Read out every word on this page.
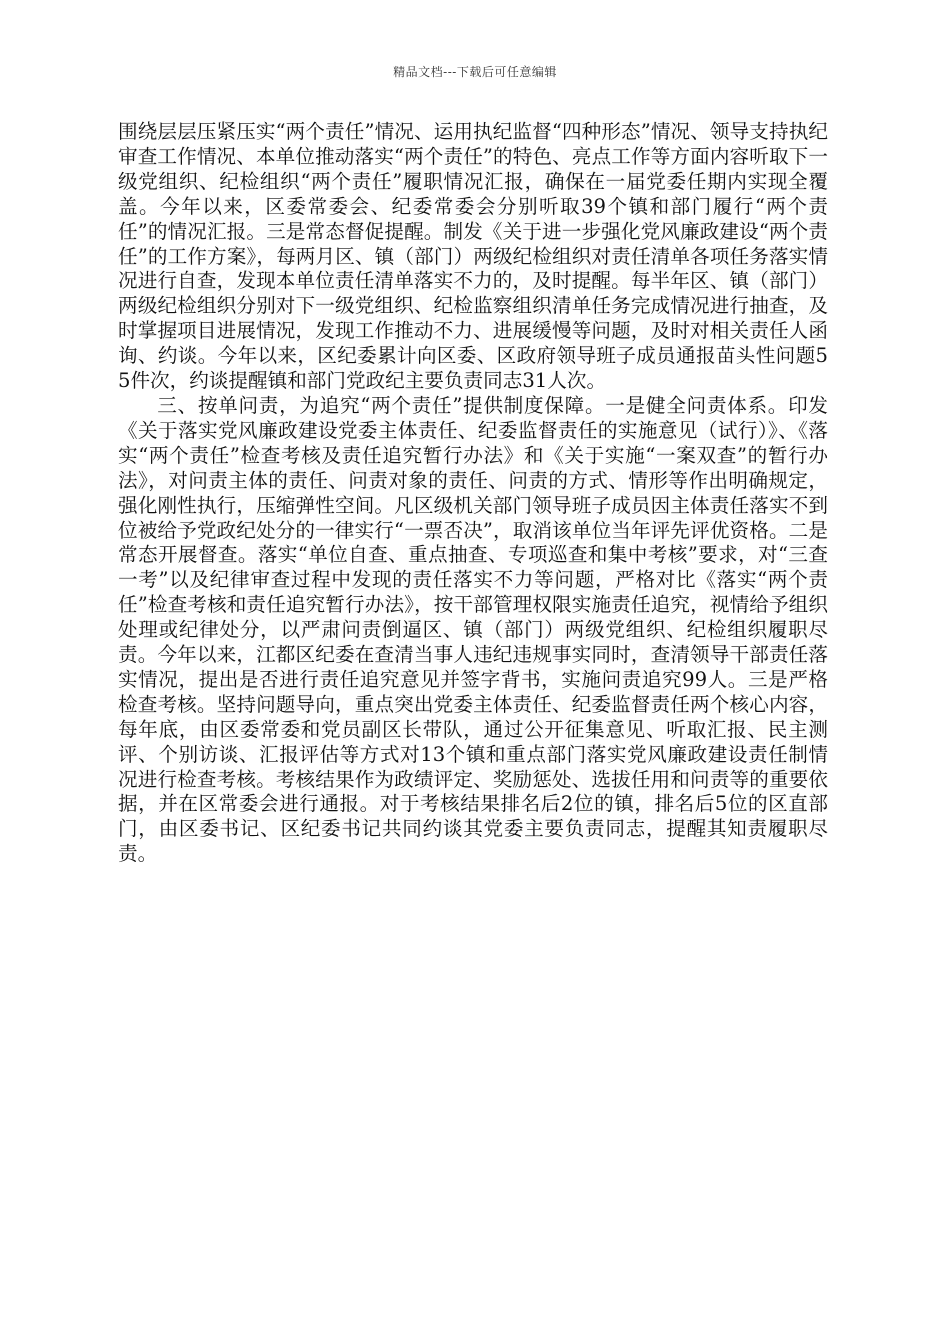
精品文档---下载后可任意编辑

围绕层层压紧压实“两个责任”情况、运用执纪监督“四种形态”情况、领导支持执纪审查工作情况、本单位推动落实“两个责任”的特色、亮点工作等方面内容听取下一级党组织、纪检组织“两个责任”履职情况汇报，确保在一届党委任期内实现全覆盖。今年以来，区委常委会、纪委常委会分别听取39个镇和部门履行“两个责任”的情况汇报。三是常态督促提醒。制发《关于进一步强化党风廉政建设“两个责任”的工作方案》，每两月区、镇（部门）两级纪检组织对责任清单各项任务落实情况进行自查，发现本单位责任清单落实不力的，及时提醒。每半年区、镇（部门）两级纪检组织分别对下一级党组织、纪检监察组织清单任务完成情况进行抽查，及时掌握项目进展情况，发现工作推动不力、进展缓慢等问题，及时对相关责任人函询、约谈。今年以来，区纪委累计向区委、区政府领导班子成员通报苗头性问题55件次，约谈提醒镇和部门党政纪主要负责同志31人次。

三、按单问责，为追究“两个责任”提供制度保障。一是健全问责体系。印发《关于落实党风廉政建设党委主体责任、纪委监督责任的实施意见（试行）》、《落实“两个责任”检查考核及责任追究暂行办法》和《关于实施“一案双查”的暂行办法》，对问责主体的责任、问责对象的责任、问责的方式、情形等作出明确规定，强化刚性执行，压缩弹性空间。凡区级机关部门领导班子成员因主体责任落实不到位被给予党政纪处分的一律实行“一票否决”，取消该单位当年评先评优资格。二是常态开展督查。落实“单位自查、重点抽查、专项巡查和集中考核”要求，对“三查一考”以及纪律审查过程中发现的责任落实不力等问题，严格对比《落实“两个责任”检查考核和责任追究暂行办法》，按干部管理权限实施责任追究，视情给予组织处理或纪律处分，以严肃问责倒逼区、镇（部门）两级党组织、纪检组织履职尽责。今年以来，江都区纪委在查清当事人违纪违规事实同时，查清领导干部责任落实情况，提出是否进行责任追究意见并签字背书，实施问责追究99人。三是严格检查考核。坚持问题导向，重点突出党委主体责任、纪委监督责任两个核心内容，每年底，由区委常委和党员副区长带队，通过公开征集意见、听取汇报、民主测评、个别访谈、汇报评估等方式对13个镇和重点部门落实党风廉政建设责任制情况进行检查考核。考核结果作为政绩评定、奖励惩处、选拔任用和问责等的重要依据，并在区常委会进行通报。对于考核结果排名后2位的镇，排名后5位的区直部门，由区委书记、区纪委书记共同约谈其党委主要负责同志，提醒其知责履职尽责。
